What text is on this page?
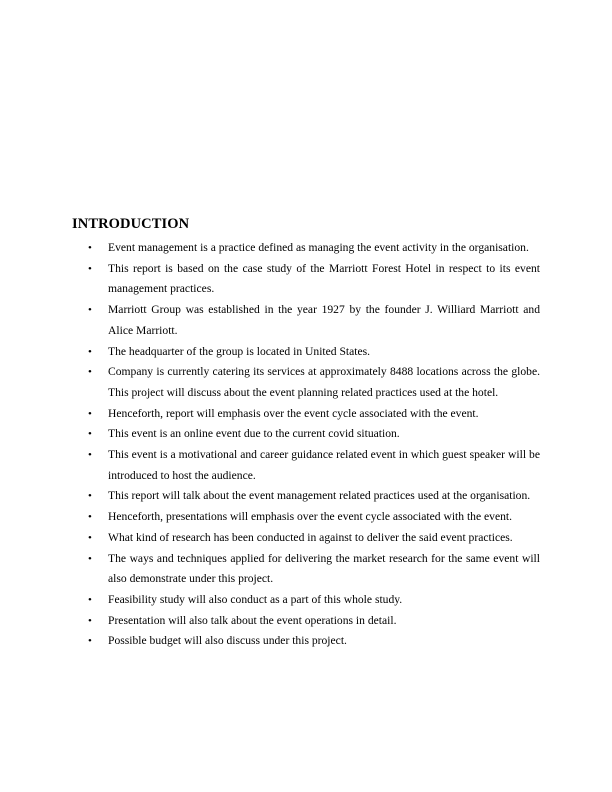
INTRODUCTION
• Event management is a practice defined as managing the event activity in the organisation.
• This report is based on the case study of the Marriott Forest Hotel in respect to its event management practices.
• Marriott Group was established in the year 1927 by the founder J. Williard Marriott and Alice Marriott.
• The headquarter of the group is located in United States.
• Company is currently catering its services at approximately 8488 locations across the globe. This project will discuss about the event planning related practices used at the hotel.
• Henceforth, report will emphasis over the event cycle associated with the event.
• This event is an online event due to the current covid situation.
• This event is a motivational and career guidance related event in which guest speaker will be introduced to host the audience.
• This report will talk about the event management related practices used at the organisation.
• Henceforth, presentations will emphasis over the event cycle associated with the event.
• What kind of research has been conducted in against to deliver the said event practices.
• The ways and techniques applied for delivering the market research for the same event will also demonstrate under this project.
• Feasibility study will also conduct as a part of this whole study.
• Presentation will also talk about the event operations in detail.
• Possible budget will also discuss under this project.
